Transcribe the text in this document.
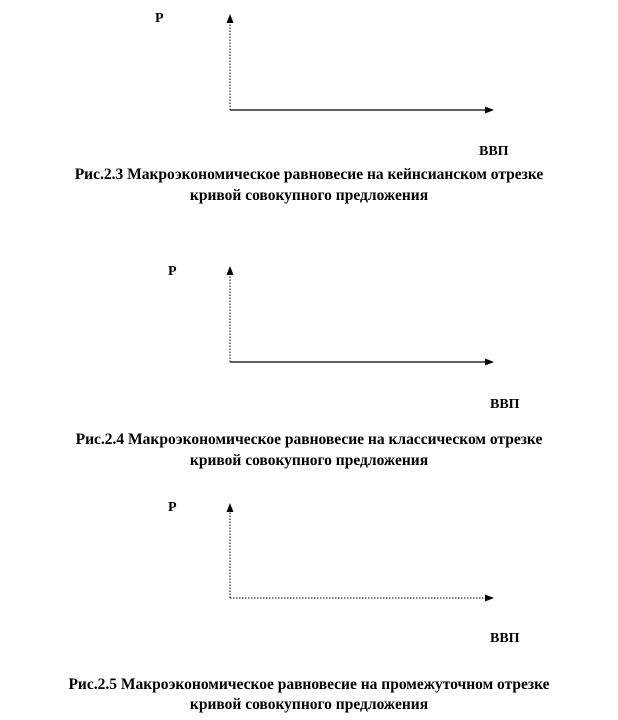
P
ВВП
Рис.2.3 Макроэкономическое равновесие на кейнсианском отрезке
кривой совокупного предложения
P
ВВП
Рис.2.4 Макроэкономическое равновесие на классическом отрезке
кривой совокупного предложения
P
ВВП
Рис.2.5 Макроэкономическое равновесие на промежуточном отрезке
кривой совокупного предложения
